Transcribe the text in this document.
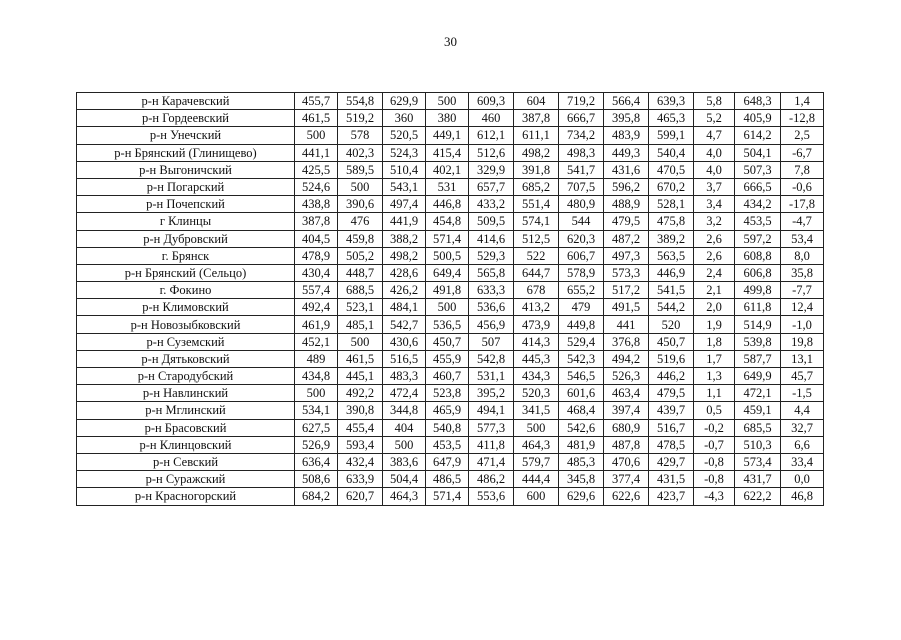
30
р-н Карачевский	455,7	554,8	629,9	500	609,3	604	719,2	566,4	639,3	5,8	648,3	1,4
р-н Гордеевский	461,5	519,2	360	380	460	387,8	666,7	395,8	465,3	5,2	405,9	-12,8
р-н Унечский	500	578	520,5	449,1	612,1	611,1	734,2	483,9	599,1	4,7	614,2	2,5
р-н Брянский (Глинищево)	441,1	402,3	524,3	415,4	512,6	498,2	498,3	449,3	540,4	4,0	504,1	-6,7
р-н Выгоничский	425,5	589,5	510,4	402,1	329,9	391,8	541,7	431,6	470,5	4,0	507,3	7,8
р-н Погарский	524,6	500	543,1	531	657,7	685,2	707,5	596,2	670,2	3,7	666,5	-0,6
р-н Почепский	438,8	390,6	497,4	446,8	433,2	551,4	480,9	488,9	528,1	3,4	434,2	-17,8
г Клинцы	387,8	476	441,9	454,8	509,5	574,1	544	479,5	475,8	3,2	453,5	-4,7
р-н Дубровский	404,5	459,8	388,2	571,4	414,6	512,5	620,3	487,2	389,2	2,6	597,2	53,4
г. Брянск	478,9	505,2	498,2	500,5	529,3	522	606,7	497,3	563,5	2,6	608,8	8,0
р-н Брянский (Сельцо)	430,4	448,7	428,6	649,4	565,8	644,7	578,9	573,3	446,9	2,4	606,8	35,8
г. Фокино	557,4	688,5	426,2	491,8	633,3	678	655,2	517,2	541,5	2,1	499,8	-7,7
р-н Климовский	492,4	523,1	484,1	500	536,6	413,2	479	491,5	544,2	2,0	611,8	12,4
р-н Новозыбковский	461,9	485,1	542,7	536,5	456,9	473,9	449,8	441	520	1,9	514,9	-1,0
р-н Суземский	452,1	500	430,6	450,7	507	414,3	529,4	376,8	450,7	1,8	539,8	19,8
р-н Дятьковский	489	461,5	516,5	455,9	542,8	445,3	542,3	494,2	519,6	1,7	587,7	13,1
р-н Стародубский	434,8	445,1	483,3	460,7	531,1	434,3	546,5	526,3	446,2	1,3	649,9	45,7
р-н Навлинский	500	492,2	472,4	523,8	395,2	520,3	601,6	463,4	479,5	1,1	472,1	-1,5
р-н Мглинский	534,1	390,8	344,8	465,9	494,1	341,5	468,4	397,4	439,7	0,5	459,1	4,4
р-н Брасовский	627,5	455,4	404	540,8	577,3	500	542,6	680,9	516,7	-0,2	685,5	32,7
р-н Клинцовский	526,9	593,4	500	453,5	411,8	464,3	481,9	487,8	478,5	-0,7	510,3	6,6
р-н Севский	636,4	432,4	383,6	647,9	471,4	579,7	485,3	470,6	429,7	-0,8	573,4	33,4
р-н Суражский	508,6	633,9	504,4	486,5	486,2	444,4	345,8	377,4	431,5	-0,8	431,7	0,0
р-н Красногорский	684,2	620,7	464,3	571,4	553,6	600	629,6	622,6	423,7	-4,3	622,2	46,8
